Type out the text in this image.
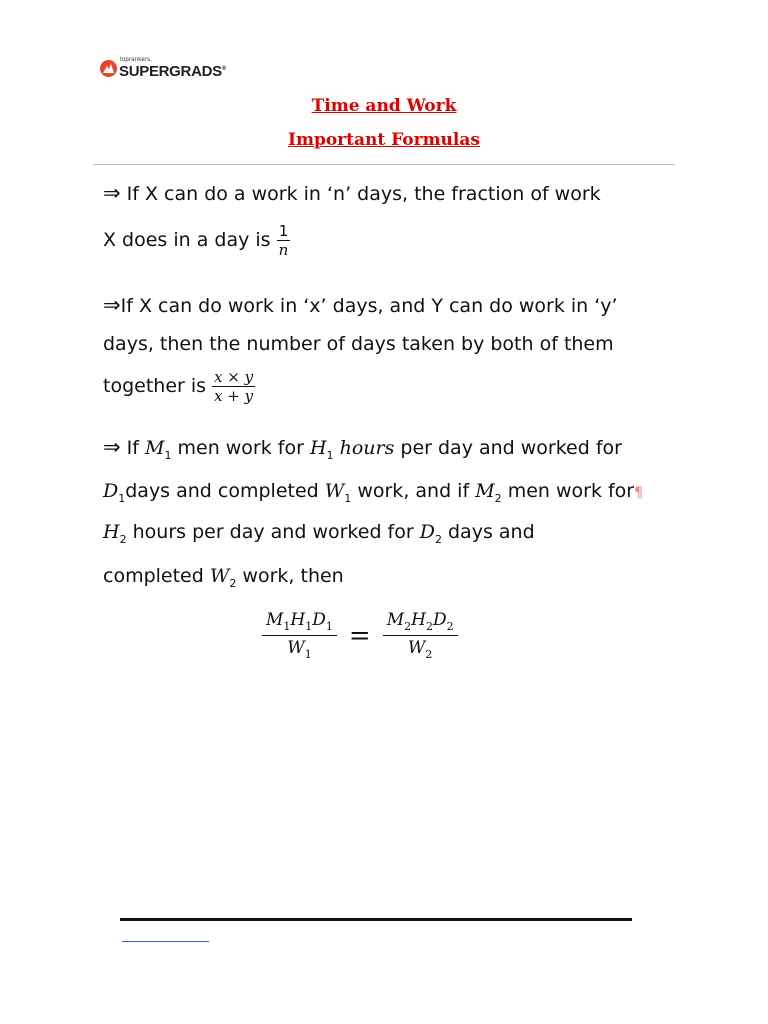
toprankers.
SUPERGRADS®
Time and Work
Important Formulas
⇒ If X can do a work in ‘n’ days, the fraction of work
X does in a day is $\frac{1}{n}$
⇒If X can do work in ‘x’ days, and Y can do work in ‘y’
days, then the number of days taken by both of them
together is $\frac{x \times y}{x + y}$
⇒ If $M_1$ men work for $H_1$ hours per day and worked for
$D_1days$ and completed $W_1$ work, and if $M_2$ men work for¶
$H_2$ hours per day and worked for $D_2$ days and
completed $W_2$ work, then
$\frac{M_1H_1D_1}{W_1} = \frac{M_2H_2D_2}{W_2}$
